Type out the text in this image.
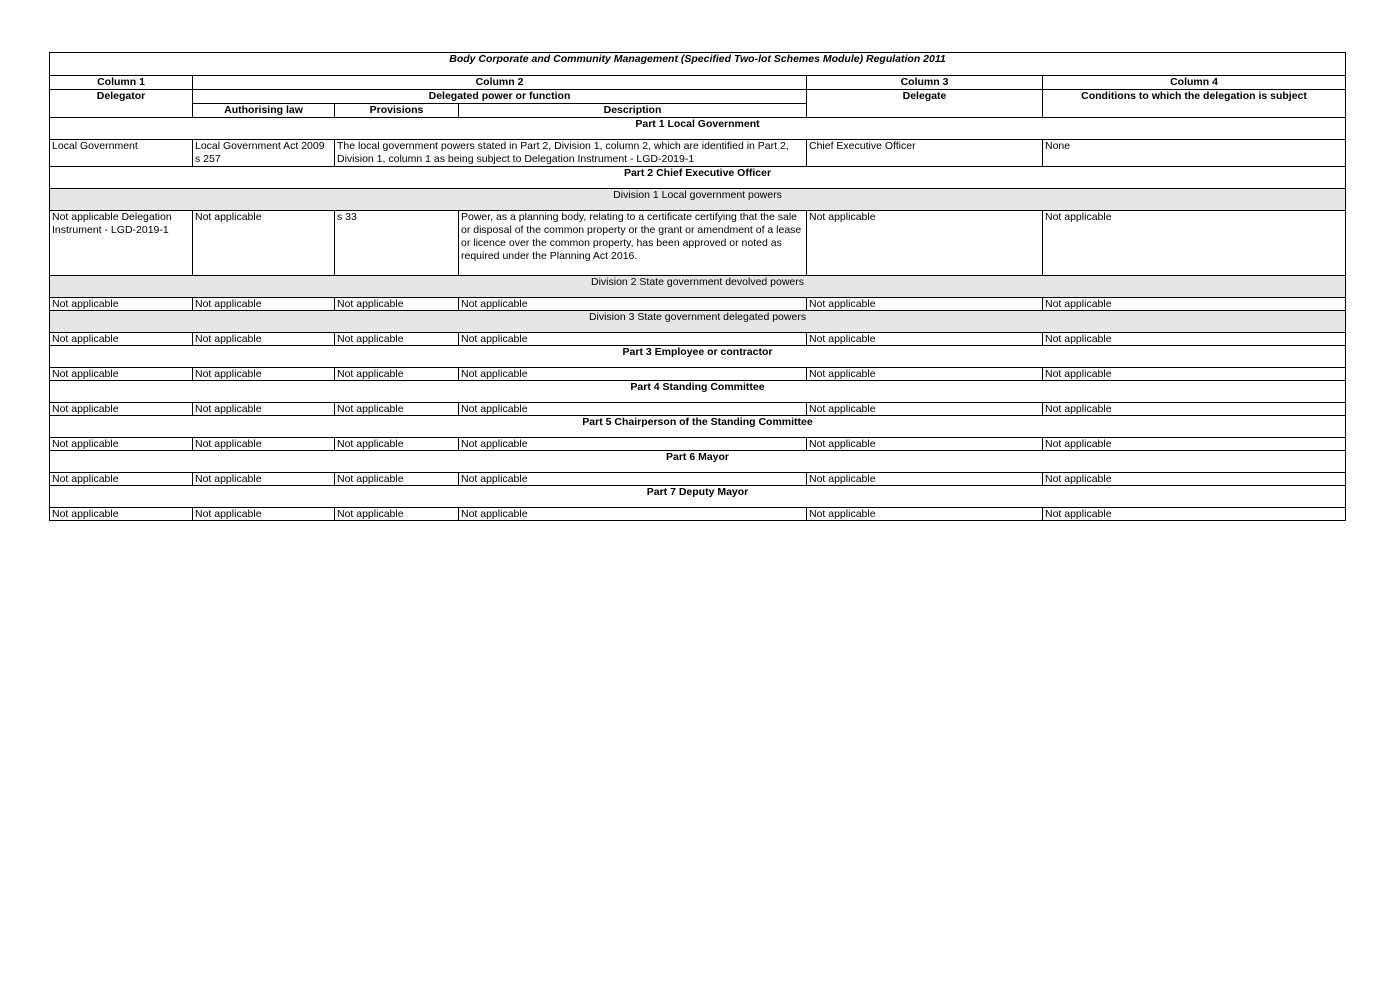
Body Corporate and Community Management (Specified Two-lot Schemes Module) Regulation 2011					
Column 1	Column 2			Column 3	Column 4
Delegator	Delegated power or function			Delegate	Conditions to which the delegation is subject
	Authorising law	Provisions	Description		
Part 1 Local Government					
Local Government	Local Government Act 2009 s 257	The local government powers stated in Part 2, Division 1, column 2, which are identified in Part 2, Division 1, column 1 as being subject to Delegation Instrument - LGD-2019-1		Chief Executive Officer	None
Part 2 Chief Executive Officer					
Division 1 Local government powers					
Not applicable Delegation Instrument - LGD-2019-1	Not applicable	s 33	Power, as a planning body, relating to a certificate certifying that the sale or disposal of the common property or the grant or amendment of a lease or licence over the common property, has been approved or noted as required under the Planning Act 2016.	Not applicable	Not applicable
Division 2 State government devolved powers					
Not applicable	Not applicable	Not applicable	Not applicable	Not applicable	Not applicable
Division 3 State government delegated powers					
Not applicable	Not applicable	Not applicable	Not applicable	Not applicable	Not applicable
Part 3 Employee or contractor					
Not applicable	Not applicable	Not applicable	Not applicable	Not applicable	Not applicable
Part 4 Standing Committee					
Not applicable	Not applicable	Not applicable	Not applicable	Not applicable	Not applicable
Part 5 Chairperson of the Standing Committee					
Not applicable	Not applicable	Not applicable	Not applicable	Not applicable	Not applicable
Part 6 Mayor					
Not applicable	Not applicable	Not applicable	Not applicable	Not applicable	Not applicable
Part 7 Deputy Mayor					
Not applicable	Not applicable	Not applicable	Not applicable	Not applicable	Not applicable
